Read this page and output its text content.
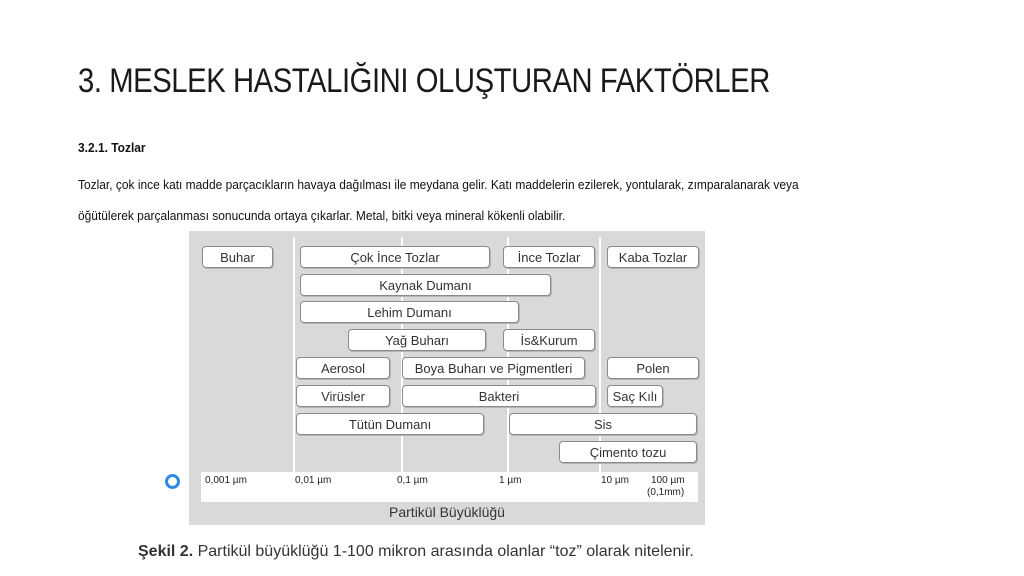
3. MESLEK HASTALIĞINI OLUŞTURAN FAKTÖRLER
3.2.1. Tozlar
Tozlar, çok ince katı madde parçacıkların havaya dağılması ile meydana gelir. Katı maddelerin ezilerek, yontularak, zımparalanarak veya
öğütülerek parçalanması sonucunda ortaya çıkarlar. Metal, bitki veya mineral kökenli olabilir.
Buhar	Çok İnce Tozlar	İnce Tozlar	Kaba Tozlar
Kaynak Dumanı
Lehim Dumanı
Yağ Buharı	İs&Kurum
Aerosol	Boya Buharı ve Pigmentleri	Polen
Virüsler	Bakteri	Saç Kılı
Tütün Dumanı	Sis
Çimento tozu
0,001 µm	0,01 µm	0,1 µm	1 µm	10 µm 100 µm
(0,1mm)
Partikül Büyüklüğü
Şekil 2. Partikül büyüklüğü 1-100 mikron arasında olanlar “toz” olarak nitelenir.
